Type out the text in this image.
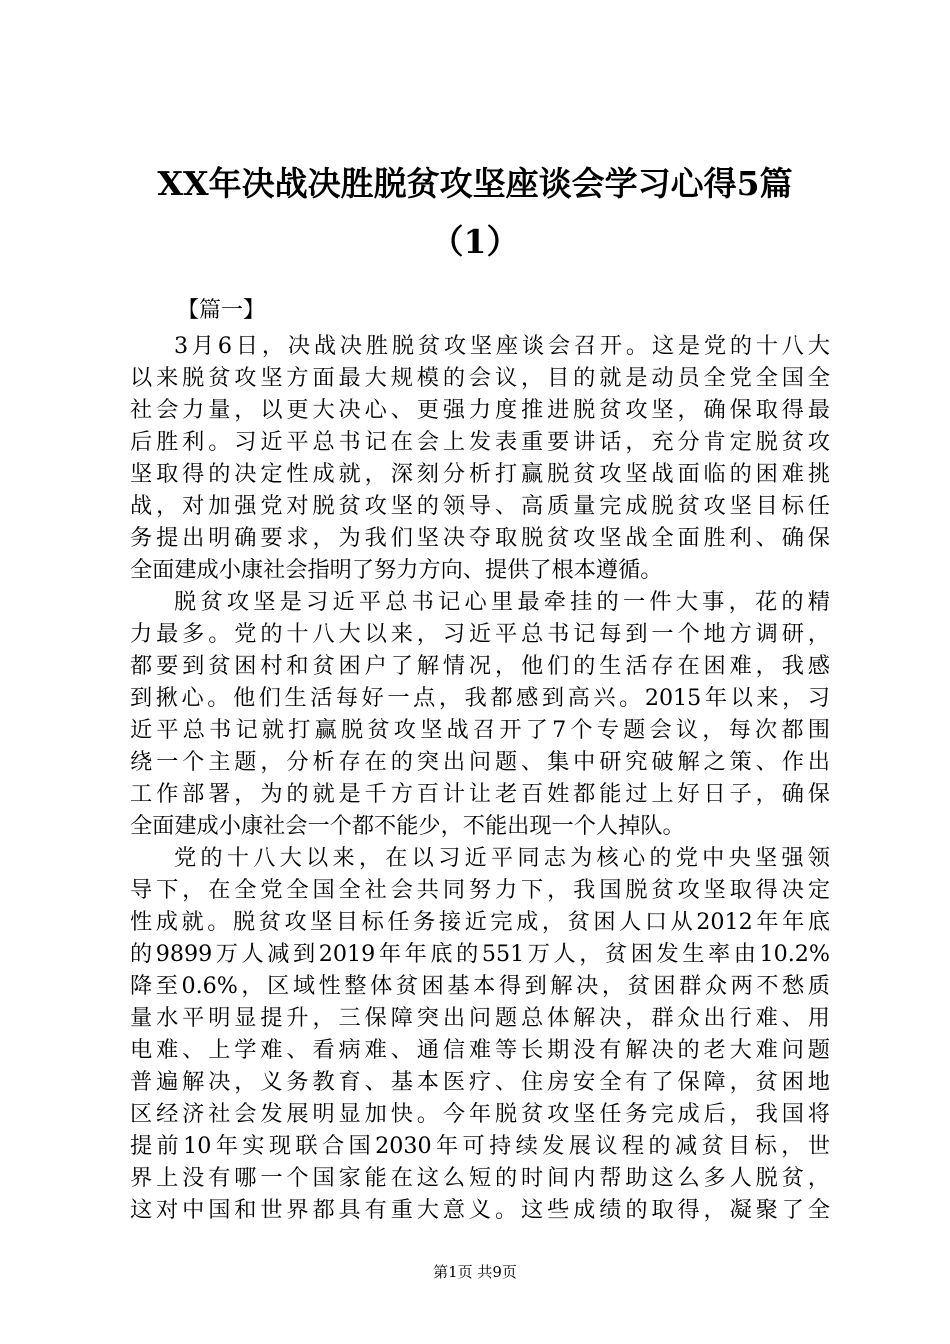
XX年决战决胜脱贫攻坚座谈会学习心得5篇
（1）
【篇一】
3月6日，决战决胜脱贫攻坚座谈会召开。这是党的十八大
以来脱贫攻坚方面最大规模的会议，目的就是动员全党全国全
社会力量，以更大决心、更强力度推进脱贫攻坚，确保取得最
后胜利。习近平总书记在会上发表重要讲话，充分肯定脱贫攻
坚取得的决定性成就，深刻分析打赢脱贫攻坚战面临的困难挑
战，对加强党对脱贫攻坚的领导、高质量完成脱贫攻坚目标任
务提出明确要求，为我们坚决夺取脱贫攻坚战全面胜利、确保
全面建成小康社会指明了努力方向、提供了根本遵循。
脱贫攻坚是习近平总书记心里最牵挂的一件大事，花的精
力最多。党的十八大以来，习近平总书记每到一个地方调研，
都要到贫困村和贫困户了解情况，他们的生活存在困难，我感
到揪心。他们生活每好一点，我都感到高兴。2015年以来，习
近平总书记就打赢脱贫攻坚战召开了7个专题会议，每次都围
绕一个主题，分析存在的突出问题、集中研究破解之策、作出
工作部署，为的就是千方百计让老百姓都能过上好日子，确保
全面建成小康社会一个都不能少，不能出现一个人掉队。
党的十八大以来，在以习近平同志为核心的党中央坚强领
导下，在全党全国全社会共同努力下，我国脱贫攻坚取得决定
性成就。脱贫攻坚目标任务接近完成，贫困人口从2012年年底
的9899万人减到2019年年底的551万人，贫困发生率由10.2%
降至0.6%，区域性整体贫困基本得到解决，贫困群众两不愁质
量水平明显提升，三保障突出问题总体解决，群众出行难、用
电难、上学难、看病难、通信难等长期没有解决的老大难问题
普遍解决，义务教育、基本医疗、住房安全有了保障，贫困地
区经济社会发展明显加快。今年脱贫攻坚任务完成后，我国将
提前10年实现联合国2030年可持续发展议程的减贫目标，世
界上没有哪一个国家能在这么短的时间内帮助这么多人脱贫，
这对中国和世界都具有重大意义。这些成绩的取得，凝聚了全
第1页 共9页
